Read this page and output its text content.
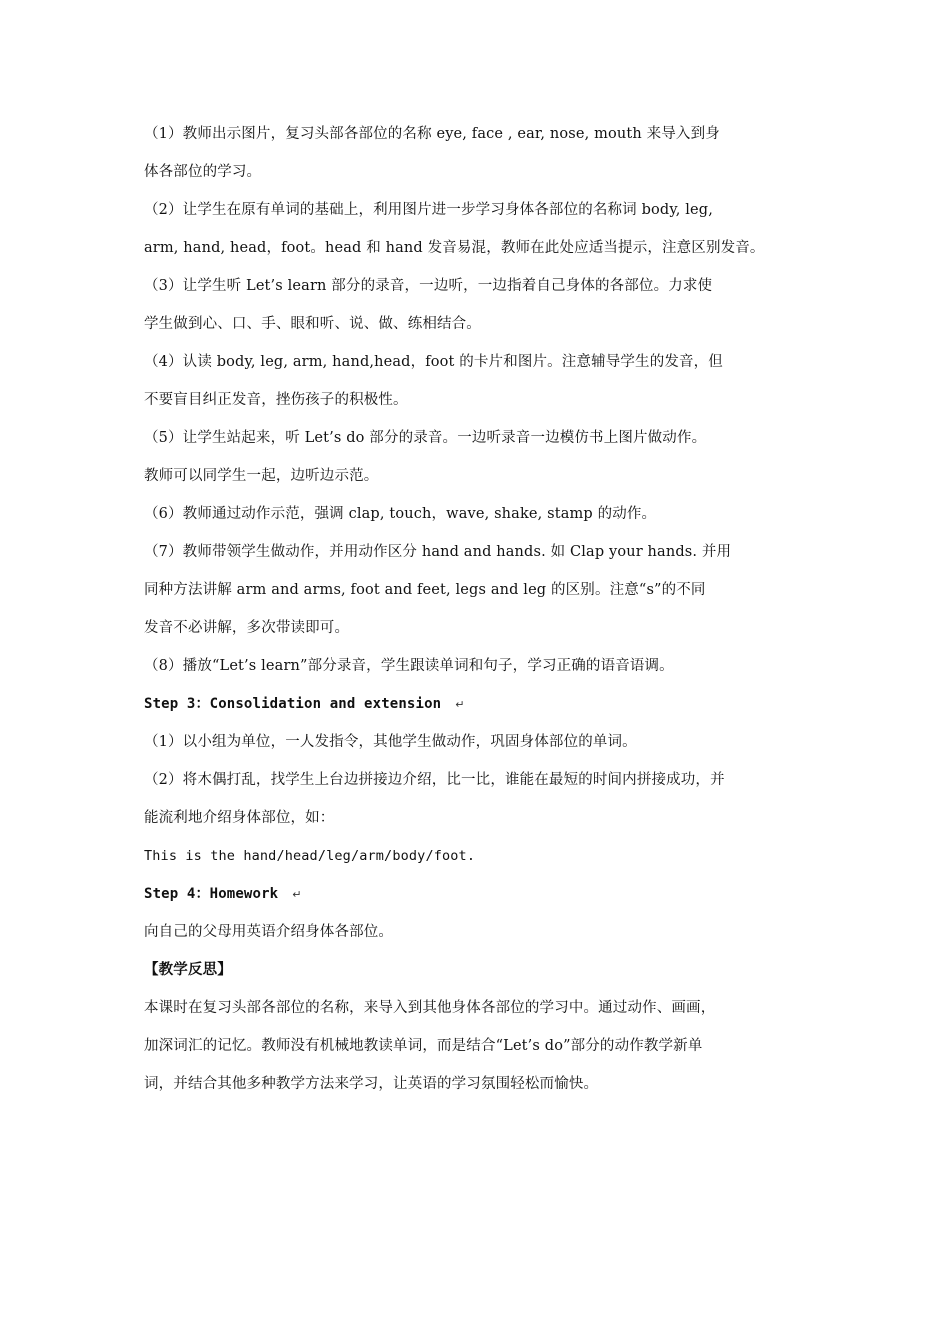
（1）教师出示图片，复习头部各部位的名称 eye, face , ear, nose, mouth 来导入到身
体各部位的学习。
（2）让学生在原有单词的基础上，利用图片进一步学习身体各部位的名称词 body, leg,
arm, hand, head，foot。head 和 hand 发音易混，教师在此处应适当提示，注意区别发音。
（3）让学生听 Let’s learn 部分的录音，一边听，一边指着自己身体的各部位。力求使
学生做到心、口、手、眼和听、说、做、练相结合。
（4）认读 body, leg, arm, hand,head，foot 的卡片和图片。注意辅导学生的发音，但
不要盲目纠正发音，挫伤孩子的积极性。
（5）让学生站起来，听 Let’s do 部分的录音。一边听录音一边模仿书上图片做动作。
教师可以同学生一起，边听边示范。
（6）教师通过动作示范，强调 clap, touch，wave, shake, stamp 的动作。
（7）教师带领学生做动作，并用动作区分 hand and hands. 如 Clap your hands. 并用
同种方法讲解 arm and arms, foot and feet, legs and leg 的区别。注意“s”的不同
发音不必讲解，多次带读即可。
（8）播放“Let’s learn”部分录音，学生跟读单词和句子，学习正确的语音语调。
Step 3：Consolidation and extension ↵
（1）以小组为单位，一人发指令，其他学生做动作，巩固身体部位的单词。
（2）将木偶打乱，找学生上台边拼接边介绍，比一比，谁能在最短的时间内拼接成功，并
能流利地介绍身体部位，如：
This is the hand/head/leg/arm/body/foot.
Step 4：Homework ↵
向自己的父母用英语介绍身体各部位。
【教学反思】
本课时在复习头部各部位的名称，来导入到其他身体各部位的学习中。通过动作、画画，
加深词汇的记忆。教师没有机械地教读单词，而是结合“Let’s do”部分的动作教学新单
词，并结合其他多种教学方法来学习，让英语的学习氛围轻松而愉快。
